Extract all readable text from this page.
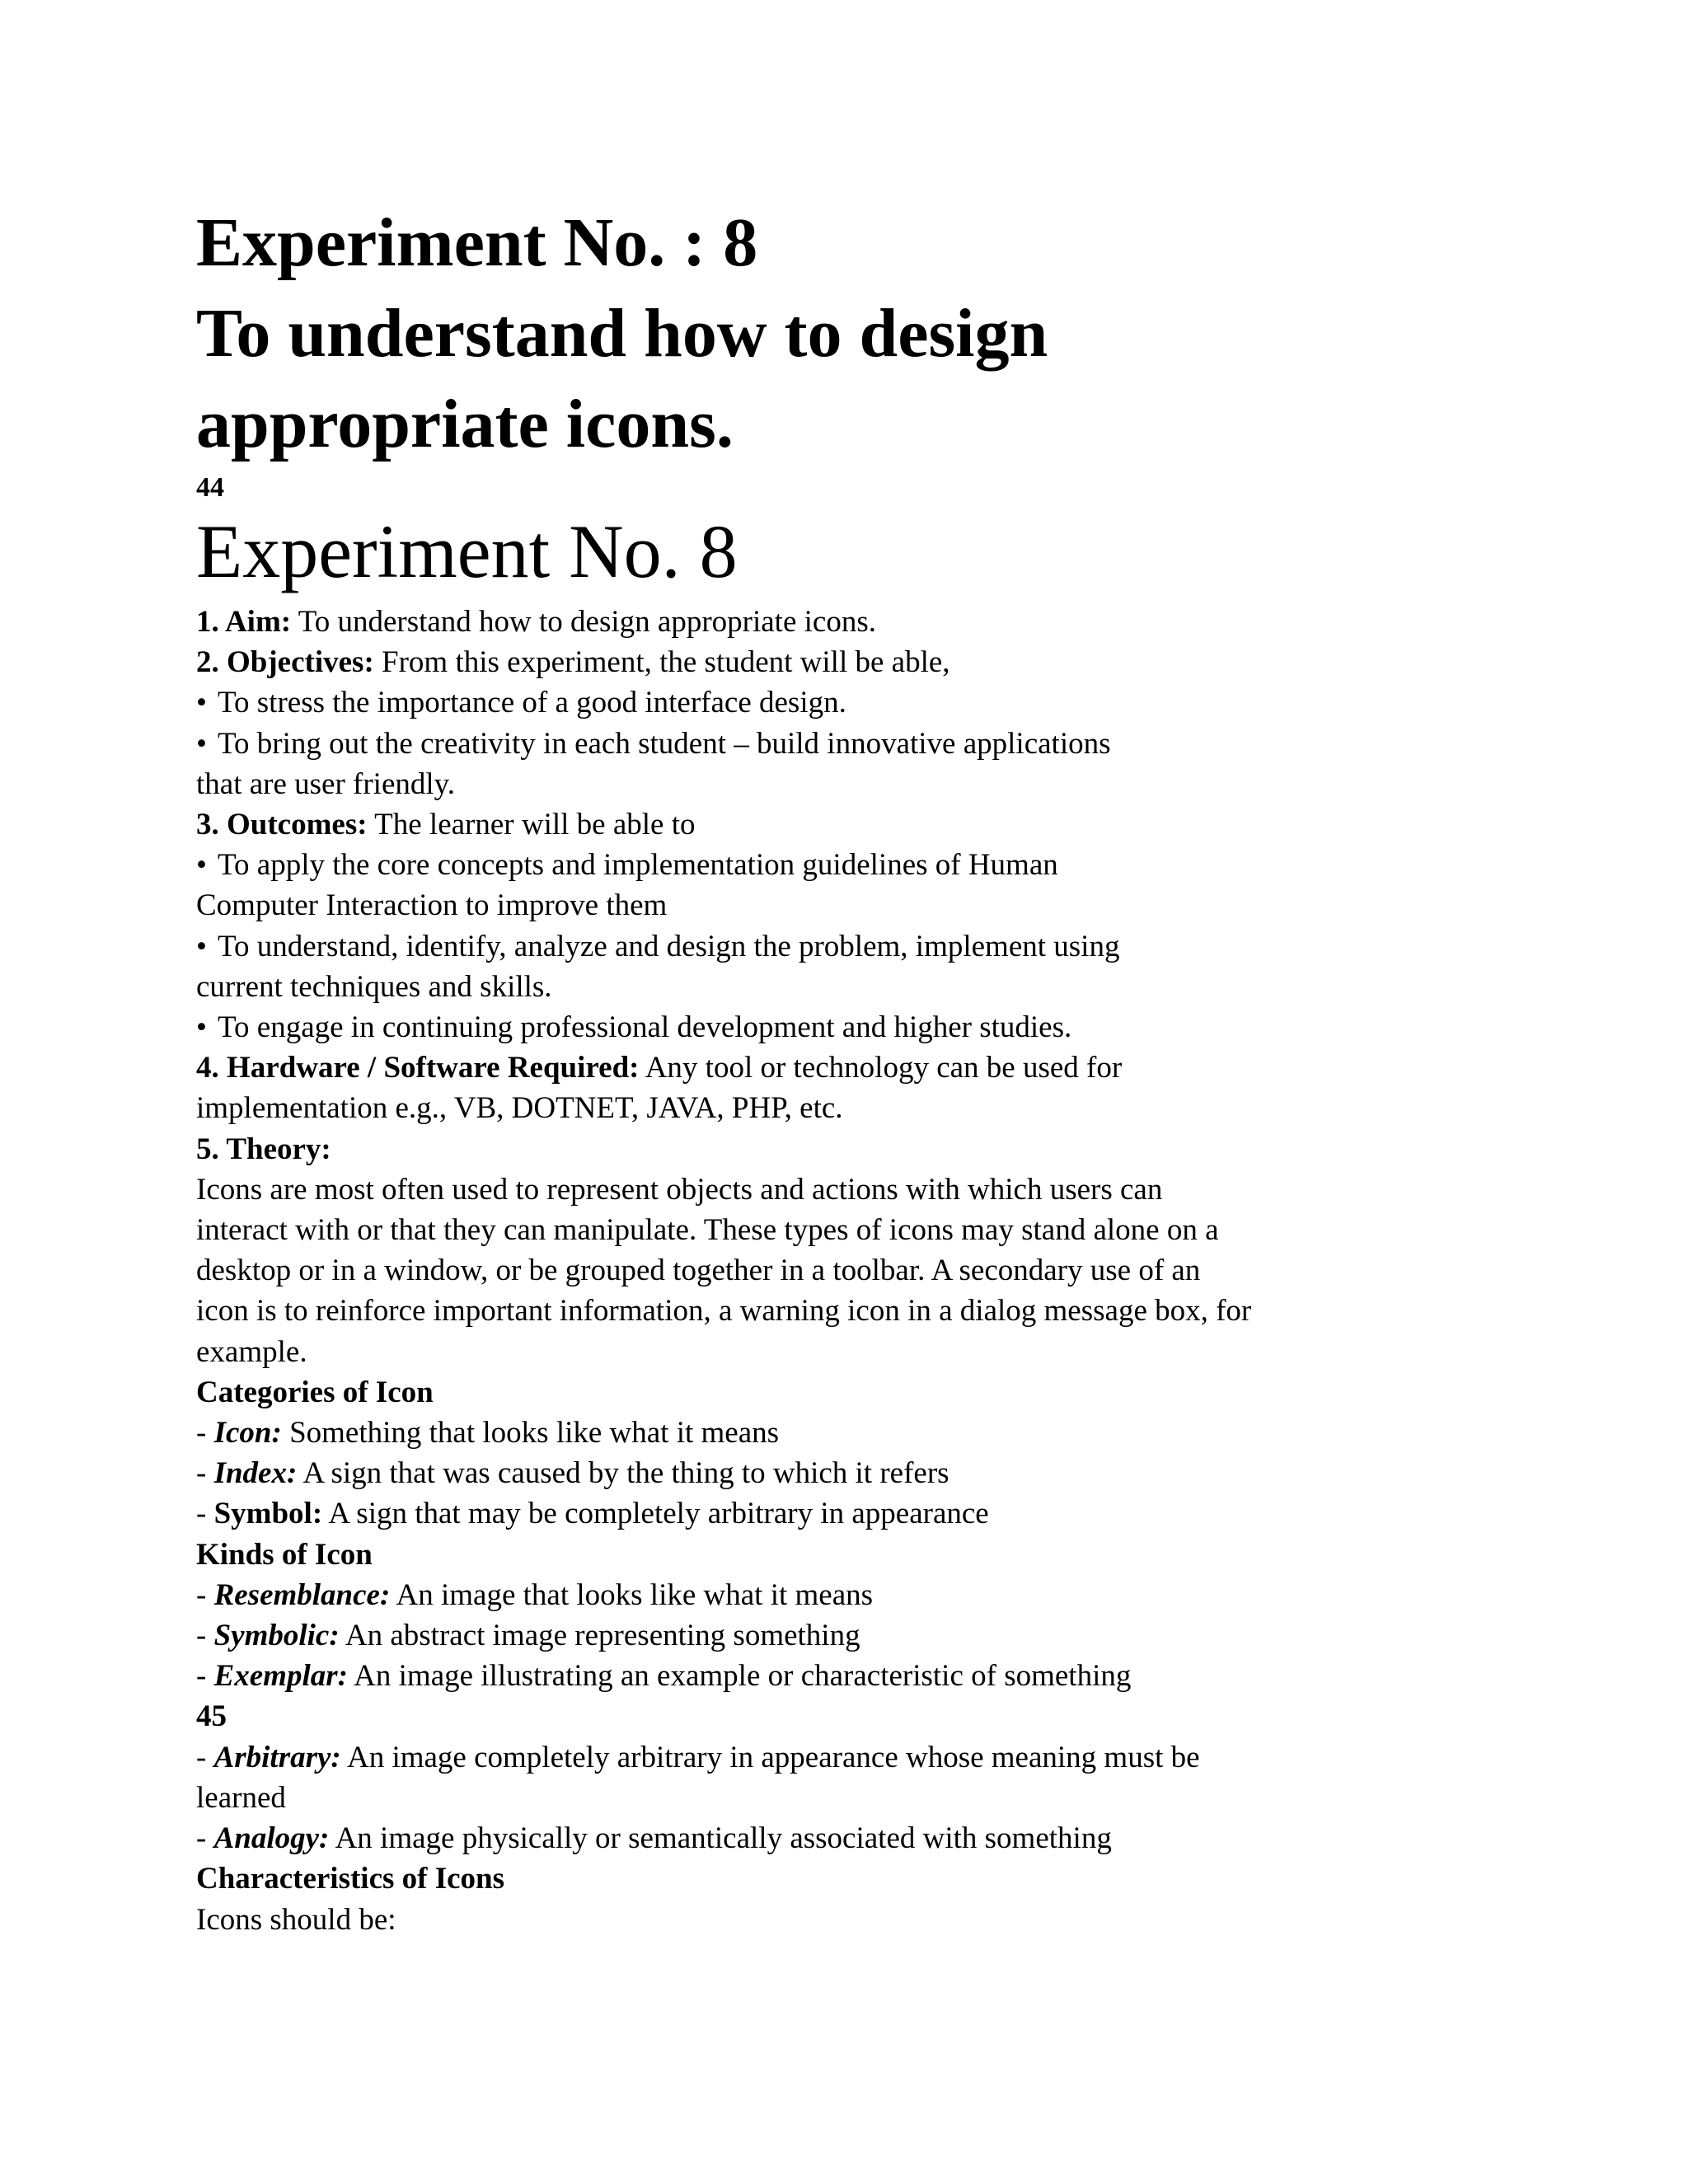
Experiment No. : 8
To understand how to design
appropriate icons.
44
Experiment No. 8
1. Aim: To understand how to design appropriate icons.
2. Objectives: From this experiment, the student will be able,
• To stress the importance of a good interface design.
• To bring out the creativity in each student – build innovative applications
that are user friendly.
3. Outcomes: The learner will be able to
• To apply the core concepts and implementation guidelines of Human
Computer Interaction to improve them
• To understand, identify, analyze and design the problem, implement using
current techniques and skills.
• To engage in continuing professional development and higher studies.
4. Hardware / Software Required: Any tool or technology can be used for
implementation e.g., VB, DOTNET, JAVA, PHP, etc.
5. Theory:
Icons are most often used to represent objects and actions with which users can
interact with or that they can manipulate. These types of icons may stand alone on a
desktop or in a window, or be grouped together in a toolbar. A secondary use of an
icon is to reinforce important information, a warning icon in a dialog message box, for
example.
Categories of Icon
- Icon: Something that looks like what it means
- Index: A sign that was caused by the thing to which it refers
- Symbol: A sign that may be completely arbitrary in appearance
Kinds of Icon
- Resemblance: An image that looks like what it means
- Symbolic: An abstract image representing something
- Exemplar: An image illustrating an example or characteristic of something
45
- Arbitrary: An image completely arbitrary in appearance whose meaning must be
learned
- Analogy: An image physically or semantically associated with something
Characteristics of Icons
Icons should be:
